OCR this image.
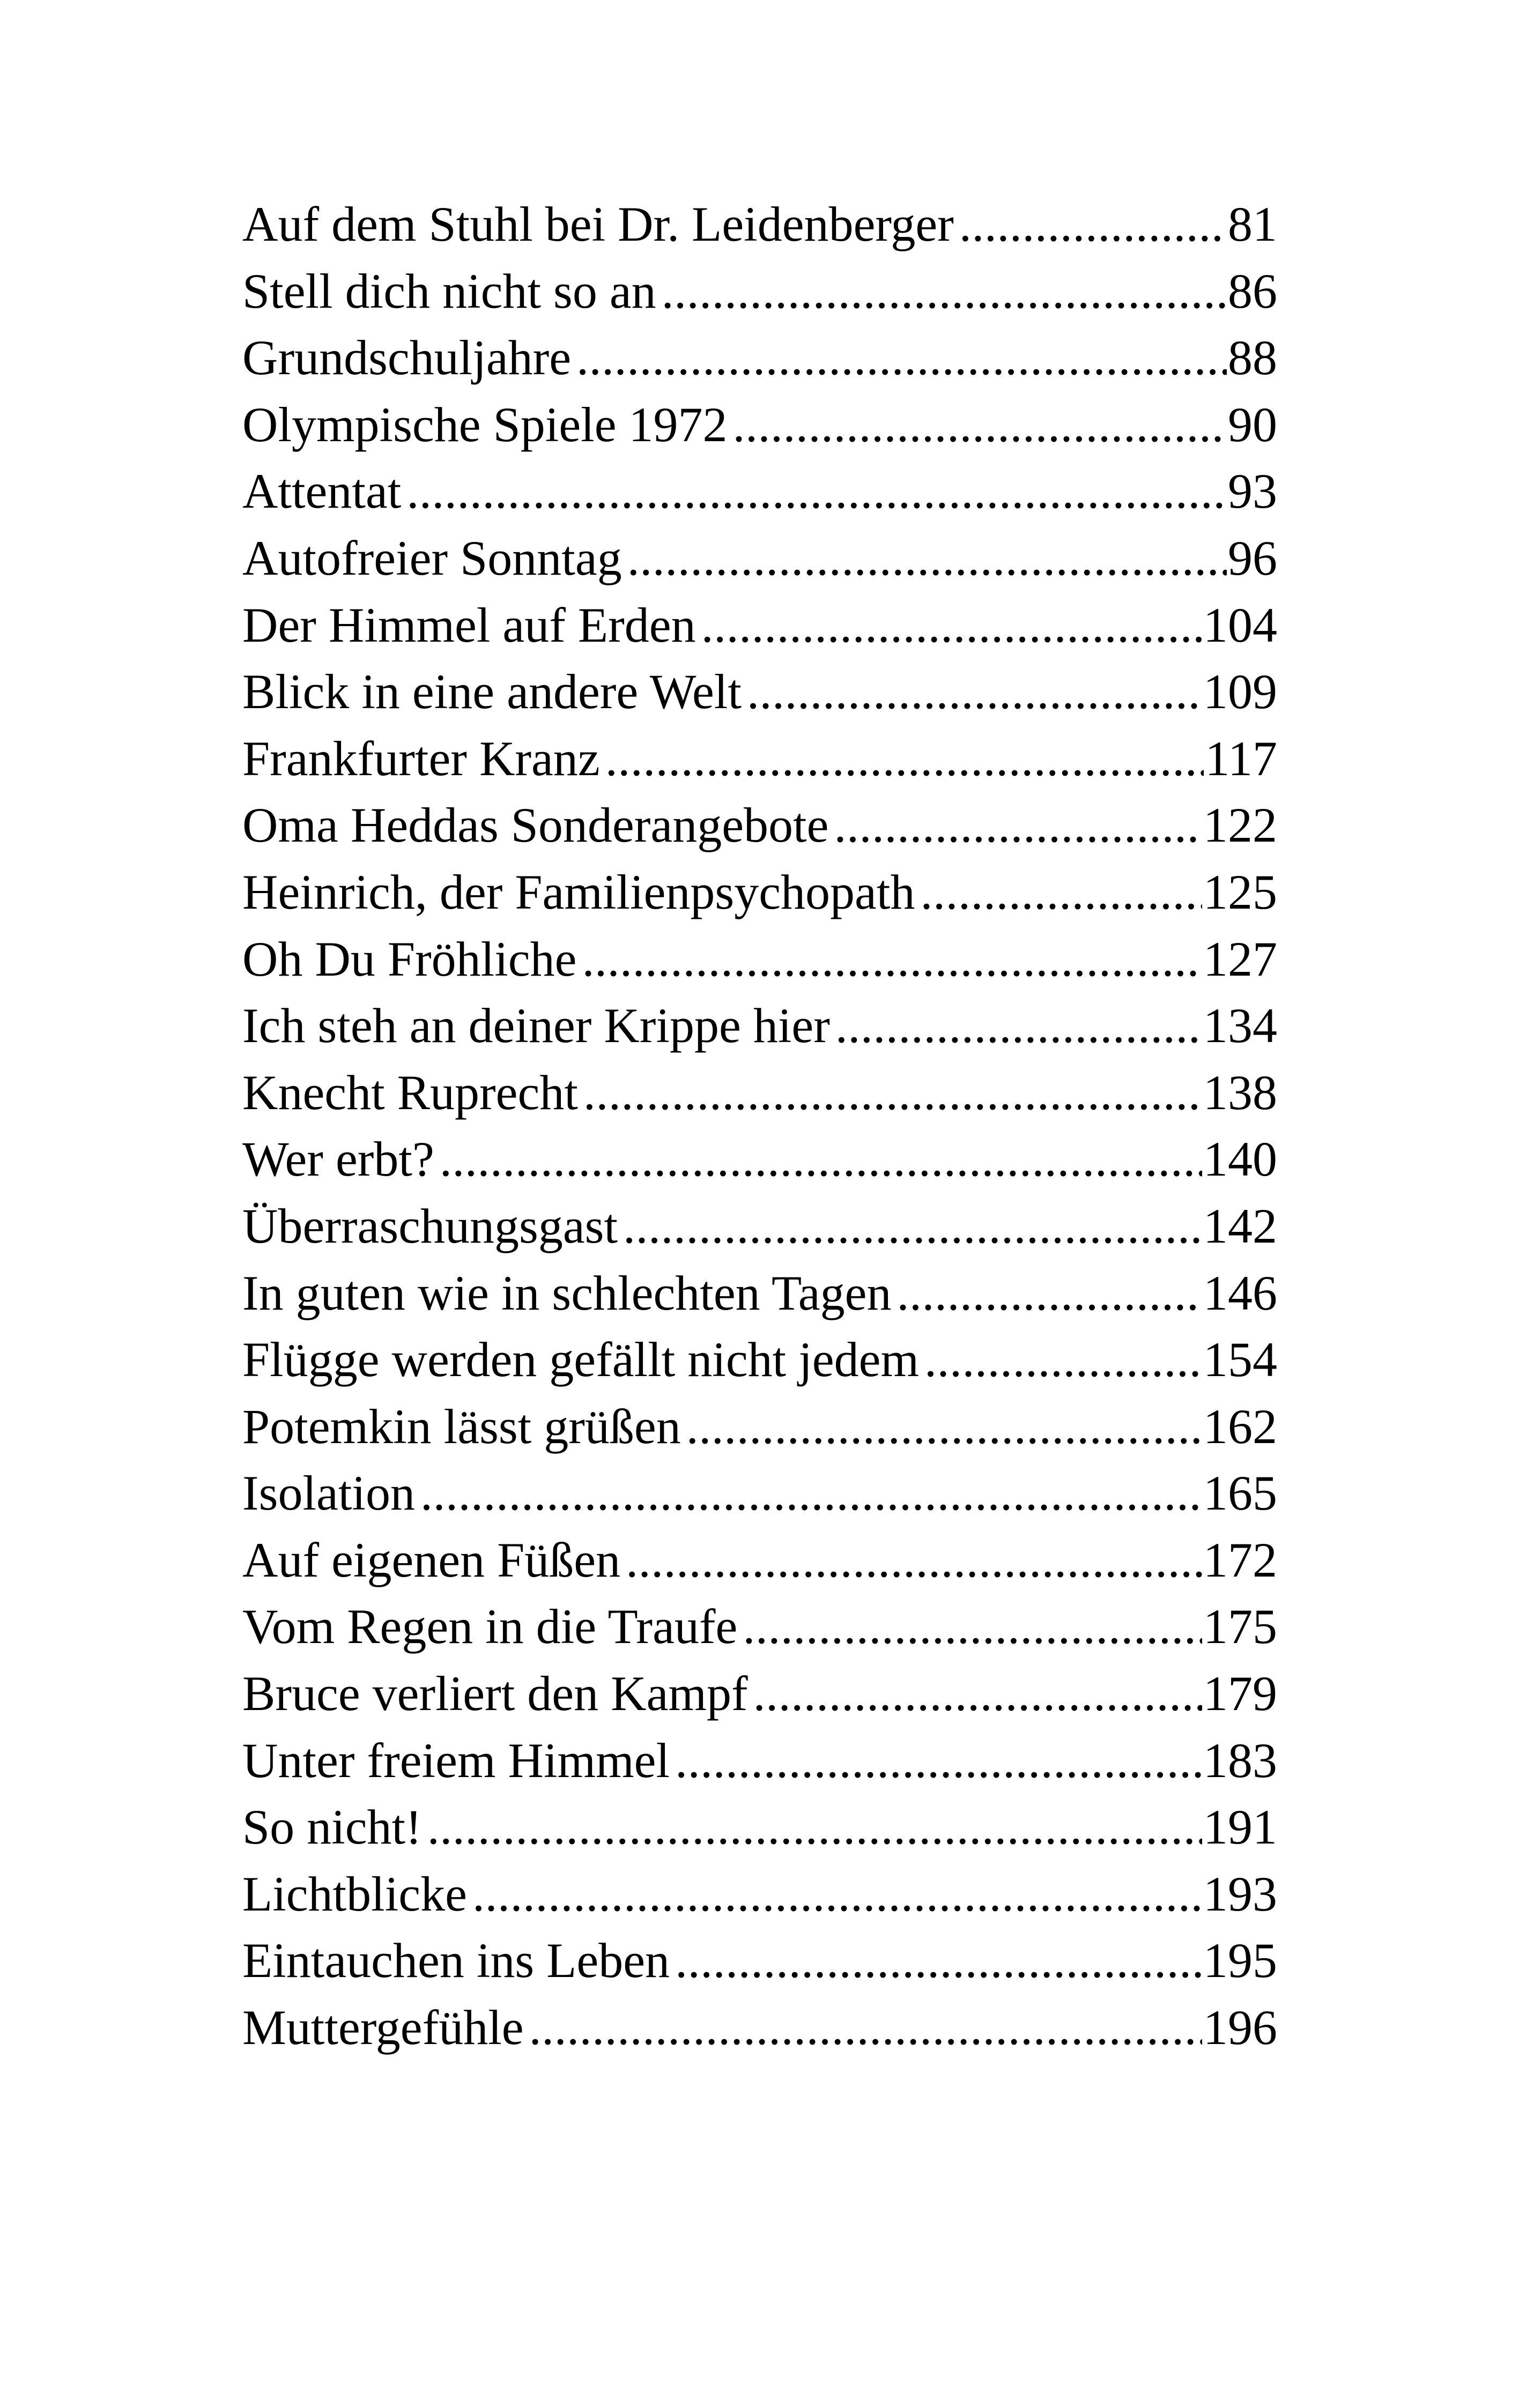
Auf dem Stuhl bei Dr. Leidenberger .....	81
Stell dich nicht so an .....	86
Grundschuljahre .....	88
Olympische Spiele 1972 .....	90
Attentat .....	93
Autofreier Sonntag .....	96
Der Himmel auf Erden .....	104
Blick in eine andere Welt .....	109
Frankfurter Kranz .....	117
Oma Heddas Sonderangebote .....	122
Heinrich, der Familienpsychopath .....	125
Oh Du Fröhliche .....	127
Ich steh an deiner Krippe hier .....	134
Knecht Ruprecht .....	138
Wer erbt? .....	140
Überraschungsgast .....	142
In guten wie in schlechten Tagen .....	146
Flügge werden gefällt nicht jedem .....	154
Potemkin lässt grüßen .....	162
Isolation .....	165
Auf eigenen Füßen .....	172
Vom Regen in die Traufe .....	175
Bruce verliert den Kampf .....	179
Unter freiem Himmel .....	183
So nicht! .....	191
Lichtblicke .....	193
Eintauchen ins Leben .....	195
Muttergefühle .....	196
